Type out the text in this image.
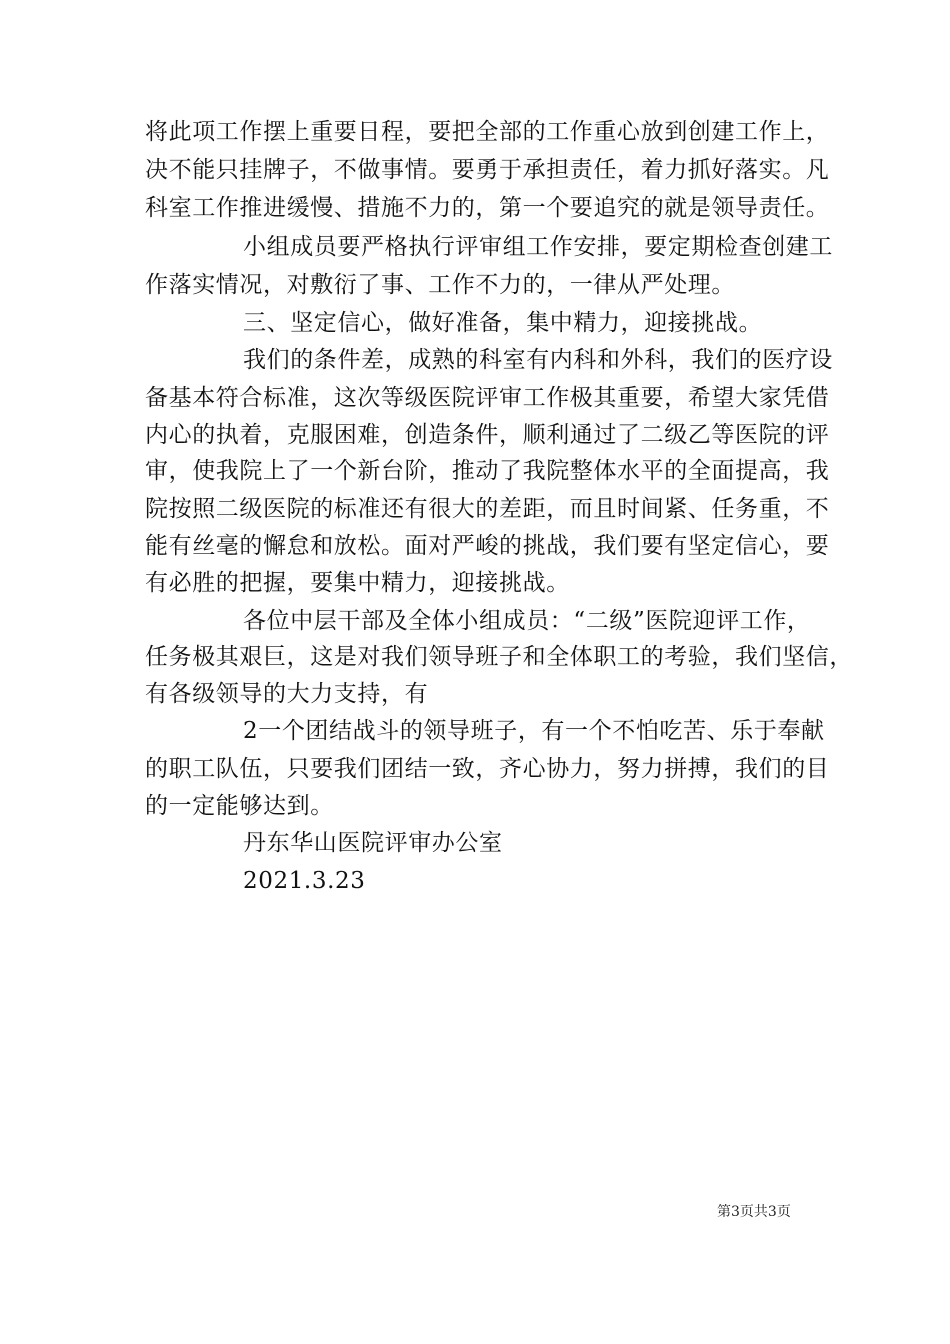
将此项工作摆上重要日程，要把全部的工作重心放到创建工作上，
决不能只挂牌子，不做事情。要勇于承担责任，着力抓好落实。凡
科室工作推进缓慢、措施不力的，第一个要追究的就是领导责任。
小组成员要严格执行评审组工作安排，要定期检查创建工
作落实情况，对敷衍了事、工作不力的，一律从严处理。
三、坚定信心，做好准备，集中精力，迎接挑战。
我们的条件差，成熟的科室有内科和外科，我们的医疗设
备基本符合标准，这次等级医院评审工作极其重要，希望大家凭借
内心的执着，克服困难，创造条件，顺利通过了二级乙等医院的评
审，使我院上了一个新台阶，推动了我院整体水平的全面提高，我
院按照二级医院的标准还有很大的差距，而且时间紧、任务重，不
能有丝毫的懈怠和放松。面对严峻的挑战，我们要有坚定信心，要
有必胜的把握，要集中精力，迎接挑战。
各位中层干部及全体小组成员：“二级”医院迎评工作，
任务极其艰巨，这是对我们领导班子和全体职工的考验，我们坚信，
有各级领导的大力支持，有
2一个团结战斗的领导班子，有一个不怕吃苦、乐于奉献
的职工队伍，只要我们团结一致，齐心协力，努力拼搏，我们的目
的一定能够达到。
丹东华山医院评审办公室
2021.3.23
第3页共3页
